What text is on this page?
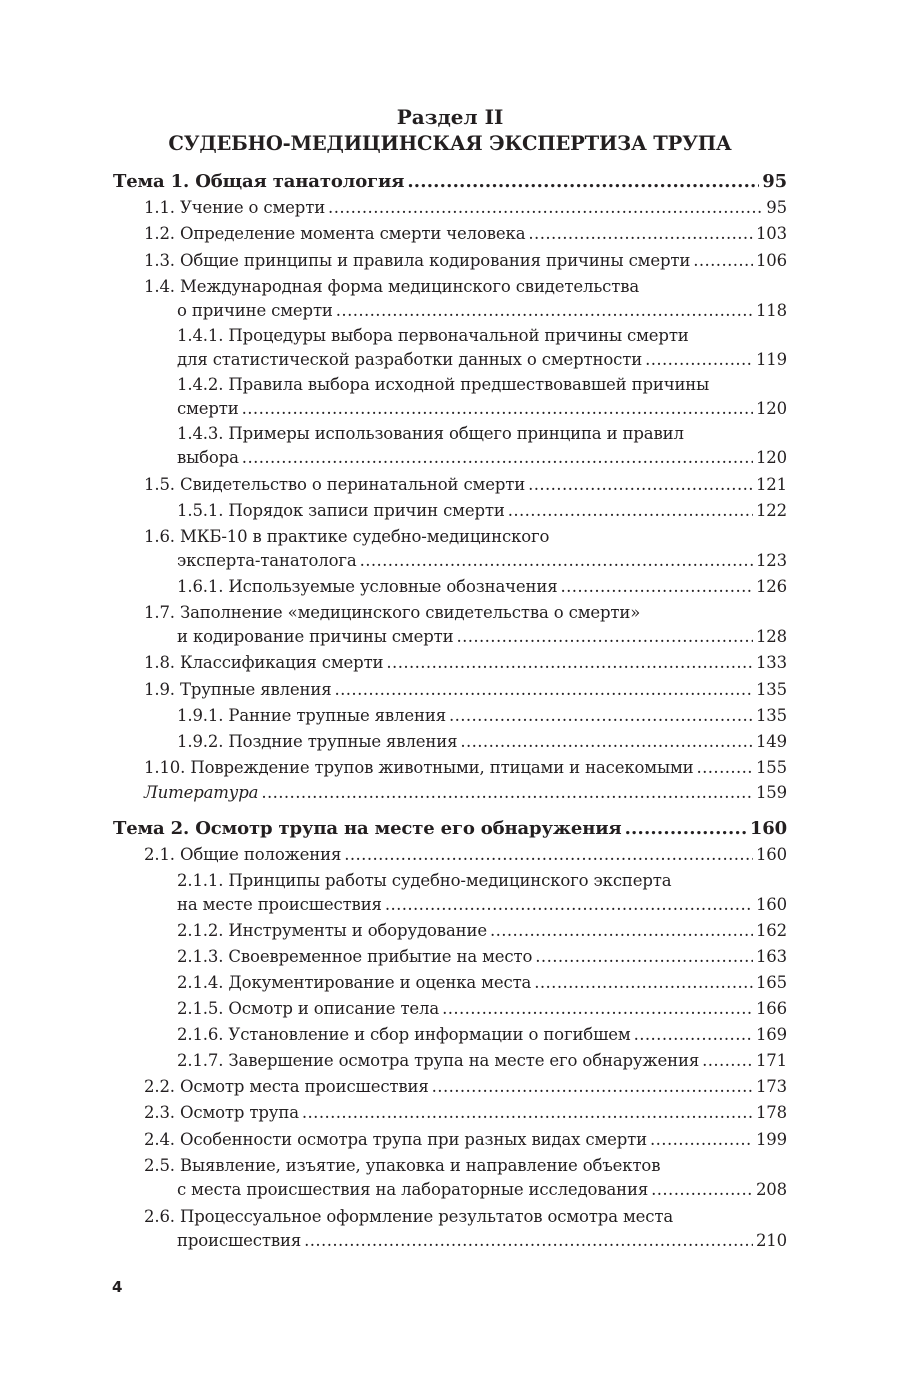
Раздел II
СУДЕБНО-МЕДИЦИНСКАЯ ЭКСПЕРТИЗА ТРУПА
Тема 1. Общая танатология .....	95
1.1. Учение о смерти .....	95
1.2. Определение момента смерти человека .....	103
1.3. Общие принципы и правила кодирования причины смерти .....	106
1.4. Международная форма медицинского свидетельства
о причине смерти .....	118
1.4.1. Процедуры выбора первоначальной причины смерти
для статистической разработки данных о смертности .....	119
1.4.2. Правила выбора исходной предшествовавшей причины
смерти .....	120
1.4.3. Примеры использования общего принципа и правил
выбора .....	120
1.5. Свидетельство о перинатальной смерти .....	121
1.5.1. Порядок записи причин смерти .....	122
1.6. МКБ-10 в практике судебно-медицинского
эксперта-танатолога .....	123
1.6.1. Используемые условные обозначения .....	126
1.7. Заполнение «медицинского свидетельства о смерти»
и кодирование причины смерти .....	128
1.8. Классификация смерти .....	133
1.9. Трупные явления .....	135
1.9.1. Ранние трупные явления .....	135
1.9.2. Поздние трупные явления .....	149
1.10. Повреждение трупов животными, птицами и насекомыми .....	155
Литература .....	159
Тема 2. Осмотр трупа на месте его обнаружения .....	160
2.1. Общие положения .....	160
2.1.1. Принципы работы судебно-медицинского эксперта
на месте происшествия .....	160
2.1.2. Инструменты и оборудование .....	162
2.1.3. Своевременное прибытие на место .....	163
2.1.4. Документирование и оценка места .....	165
2.1.5. Осмотр и описание тела .....	166
2.1.6. Установление и сбор информации о погибшем .....	169
2.1.7. Завершение осмотра трупа на месте его обнаружения .....	171
2.2. Осмотр места происшествия .....	173
2.3. Осмотр трупа .....	178
2.4. Особенности осмотра трупа при разных видах смерти .....	199
2.5. Выявление, изъятие, упаковка и направление объектов
с места происшествия на лабораторные исследования .....	208
2.6. Процессуальное оформление результатов осмотра места
происшествия .....	210

4
